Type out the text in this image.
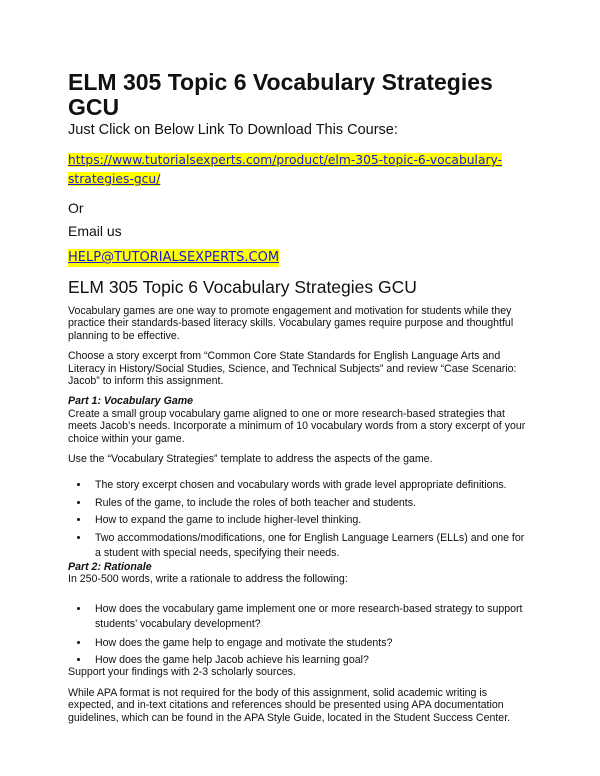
ELM 305 Topic 6 Vocabulary Strategies GCU
Just Click on Below Link To Download This Course:
https://www.tutorialsexperts.com/product/elm-305-topic-6-vocabulary-strategies-gcu/
Or
Email us
HELP@TUTORIALSEXPERTS.COM
ELM 305 Topic 6 Vocabulary Strategies GCU

Vocabulary games are one way to promote engagement and motivation for students while they practice their standards-based literacy skills. Vocabulary games require purpose and thoughtful planning to be effective.

Choose a story excerpt from “Common Core State Standards for English Language Arts and Literacy in History/Social Studies, Science, and Technical Subjects” and review “Case Scenario: Jacob” to inform this assignment.

Part 1: Vocabulary Game

Create a small group vocabulary game aligned to one or more research-based strategies that meets Jacob’s needs. Incorporate a minimum of 10 vocabulary words from a story excerpt of your choice within your game.

Use the “Vocabulary Strategies” template to address the aspects of the game.

• The story excerpt chosen and vocabulary words with grade level appropriate definitions.
• Rules of the game, to include the roles of both teacher and students.
• How to expand the game to include higher-level thinking.
• Two accommodations/modifications, one for English Language Learners (ELLs) and one for a student with special needs, specifying their needs.
Part 2: Rationale

In 250-500 words, write a rationale to address the following:

• How does the vocabulary game implement one or more research-based strategy to support students’ vocabulary development?
• How does the game help to engage and motivate the students?
• How does the game help Jacob achieve his learning goal?

Support your findings with 2-3 scholarly sources.

While APA format is not required for the body of this assignment, solid academic writing is expected, and in-text citations and references should be presented using APA documentation guidelines, which can be found in the APA Style Guide, located in the Student Success Center.
